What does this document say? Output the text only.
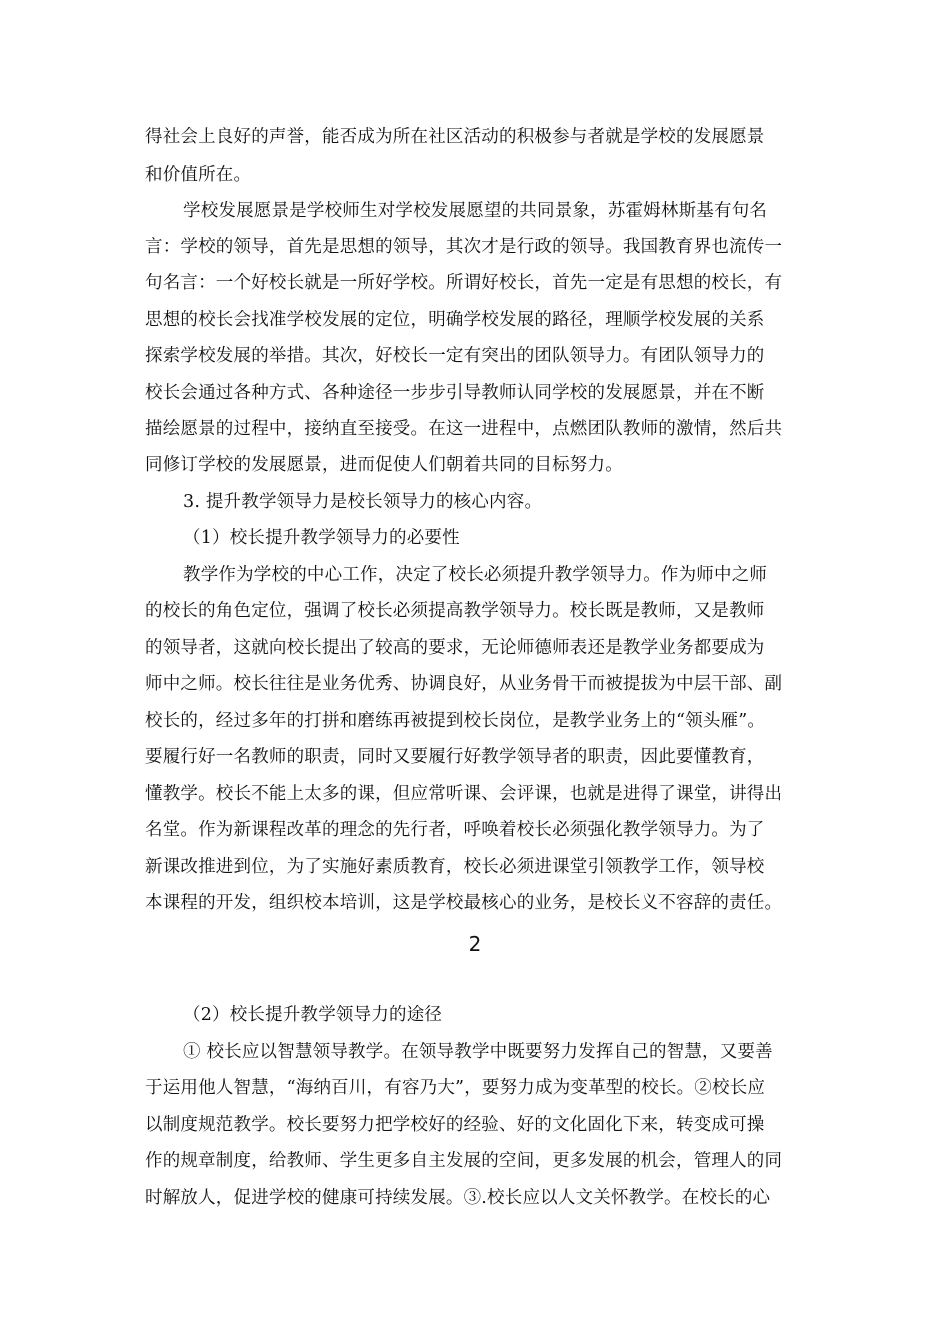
得社会上良好的声誉，能否成为所在社区活动的积极参与者就是学校的发展愿景
和价值所在。
学校发展愿景是学校师生对学校发展愿望的共同景象，苏霍姆林斯基有句名
言：学校的领导，首先是思想的领导，其次才是行政的领导。我国教育界也流传一
句名言：一个好校长就是一所好学校。所谓好校长，首先一定是有思想的校长，有
思想的校长会找准学校发展的定位，明确学校发展的路径，理顺学校发展的关系
探索学校发展的举措。其次，好校长一定有突出的团队领导力。有团队领导力的
校长会通过各种方式、各种途径一步步引导教师认同学校的发展愿景，并在不断
描绘愿景的过程中，接纳直至接受。在这一进程中，点燃团队教师的激情，然后共
同修订学校的发展愿景，进而促使人们朝着共同的目标努力。
3. 提升教学领导力是校长领导力的核心内容。
（1）校长提升教学领导力的必要性
教学作为学校的中心工作，决定了校长必须提升教学领导力。作为师中之师
的校长的角色定位，强调了校长必须提高教学领导力。校长既是教师，又是教师
的领导者，这就向校长提出了较高的要求，无论师德师表还是教学业务都要成为
师中之师。校长往往是业务优秀、协调良好，从业务骨干而被提拔为中层干部、副
校长的，经过多年的打拼和磨练再被提到校长岗位，是教学业务上的“领头雁”。
要履行好一名教师的职责，同时又要履行好教学领导者的职责，因此要懂教育，
懂教学。校长不能上太多的课，但应常听课、会评课，也就是进得了课堂，讲得出
名堂。作为新课程改革的理念的先行者，呼唤着校长必须强化教学领导力。为了
新课改推进到位，为了实施好素质教育，校长必须进课堂引领教学工作，领导校
本课程的开发，组织校本培训，这是学校最核心的业务，是校长义不容辞的责任。
2
（2）校长提升教学领导力的途径
① 校长应以智慧领导教学。在领导教学中既要努力发挥自己的智慧，又要善
于运用他人智慧，“海纳百川，有容乃大”，要努力成为变革型的校长。②校长应
以制度规范教学。校长要努力把学校好的经验、好的文化固化下来，转变成可操
作的规章制度，给教师、学生更多自主发展的空间，更多发展的机会，管理人的同
时解放人，促进学校的健康可持续发展。③.校长应以人文关怀教学。在校长的心
